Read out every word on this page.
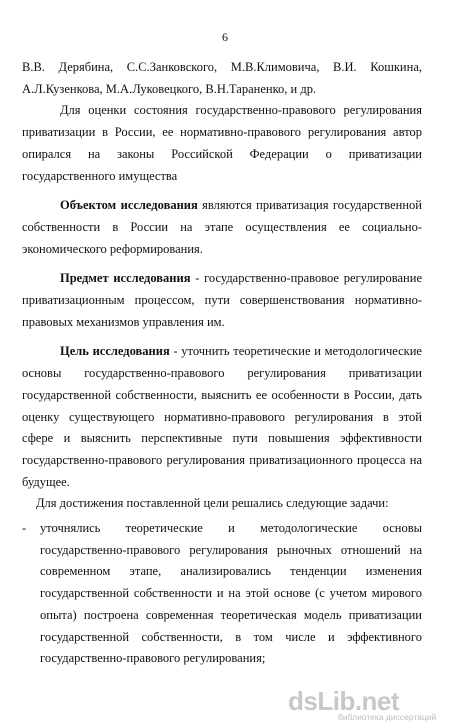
6

В.В. Дерябина, С.С.Занковского, М.В.Климовича, В.И. Кошкина, А.Л.Кузенкова, М.А.Луковецкого, В.Н.Тараненко, и др.

Для оценки состояния государственно-правового регулирования приватизации в России, ее нормативно-правового регулирования автор опирался на законы Российской Федерации о приватизации государственного имущества

Объектом исследования являются приватизация государственной собственности в России на этапе осуществления ее социально-экономического реформирования.

Предмет исследования - государственно-правовое регулирование приватизационным процессом, пути совершенствования нормативно-правовых механизмов управления им.

Цель исследования - уточнить теоретические и методологические основы государственно-правового регулирования приватизации государственной собственности, выяснить ее особенности в России, дать оценку существующего нормативно-правового регулирования в этой сфере и выяснить перспективные пути повышения эффективности государственно-правового регулирования приватизационного процесса на будущее.

Для достижения поставленной цели решались следующие задачи:

- уточнялись теоретические и методологические основы государственно-правового регулирования рыночных отношений на современном этапе, анализировались тенденции изменения государственной собственности и на этой основе (с учетом мирового опыта) построена современная теоретическая модель приватизации государственной собственности, в том числе и эффективного государственно-правового регулирования;

dsLib.net
библиотека диссертаций
